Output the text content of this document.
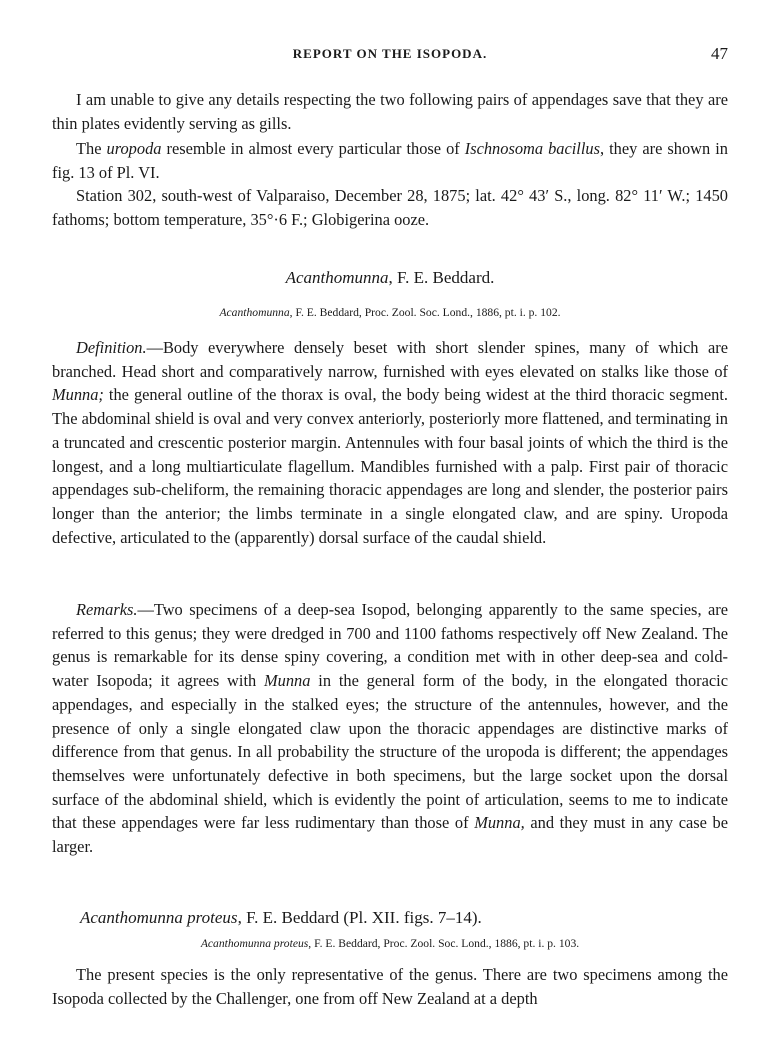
REPORT ON THE ISOPODA.	47

I am unable to give any details respecting the two following pairs of appendages save that they are thin plates evidently serving as gills.

The uropoda resemble in almost every particular those of Ischnosoma bacillus, they are shown in fig. 13 of Pl. VI.

Station 302, south-west of Valparaiso, December 28, 1875; lat. 42° 43′ S., long. 82° 11′ W.; 1450 fathoms; bottom temperature, 35°·6 F.; Globigerina ooze.

Acanthomunna, F. E. Beddard.

Acanthomunna, F. E. Beddard, Proc. Zool. Soc. Lond., 1886, pt. i. p. 102.

Definition.—Body everywhere densely beset with short slender spines, many of which are branched. Head short and comparatively narrow, furnished with eyes elevated on stalks like those of Munna; the general outline of the thorax is oval, the body being widest at the third thoracic segment. The abdominal shield is oval and very convex anteriorly, posteriorly more flattened, and terminating in a truncated and crescentic posterior margin. Antennules with four basal joints of which the third is the longest, and a long multiarticulate flagellum. Mandibles furnished with a palp. First pair of thoracic appendages sub-cheliform, the remaining thoracic appendages are long and slender, the posterior pairs longer than the anterior; the limbs terminate in a single elongated claw, and are spiny. Uropoda defective, articulated to the (apparently) dorsal surface of the caudal shield.

Remarks.—Two specimens of a deep-sea Isopod, belonging apparently to the same species, are referred to this genus; they were dredged in 700 and 1100 fathoms respectively off New Zealand. The genus is remarkable for its dense spiny covering, a condition met with in other deep-sea and cold-water Isopoda; it agrees with Munna in the general form of the body, in the elongated thoracic appendages, and especially in the stalked eyes; the structure of the antennules, however, and the presence of only a single elongated claw upon the thoracic appendages are distinctive marks of difference from that genus. In all probability the structure of the uropoda is different; the appendages themselves were unfortunately defective in both specimens, but the large socket upon the dorsal surface of the abdominal shield, which is evidently the point of articulation, seems to me to indicate that these appendages were far less rudimentary than those of Munna, and they must in any case be larger.

Acanthomunna proteus, F. E. Beddard (Pl. XII. figs. 7–14).

Acanthomunna proteus, F. E. Beddard, Proc. Zool. Soc. Lond., 1886, pt. i. p. 103.

The present species is the only representative of the genus. There are two specimens among the Isopoda collected by the Challenger, one from off New Zealand at a depth
